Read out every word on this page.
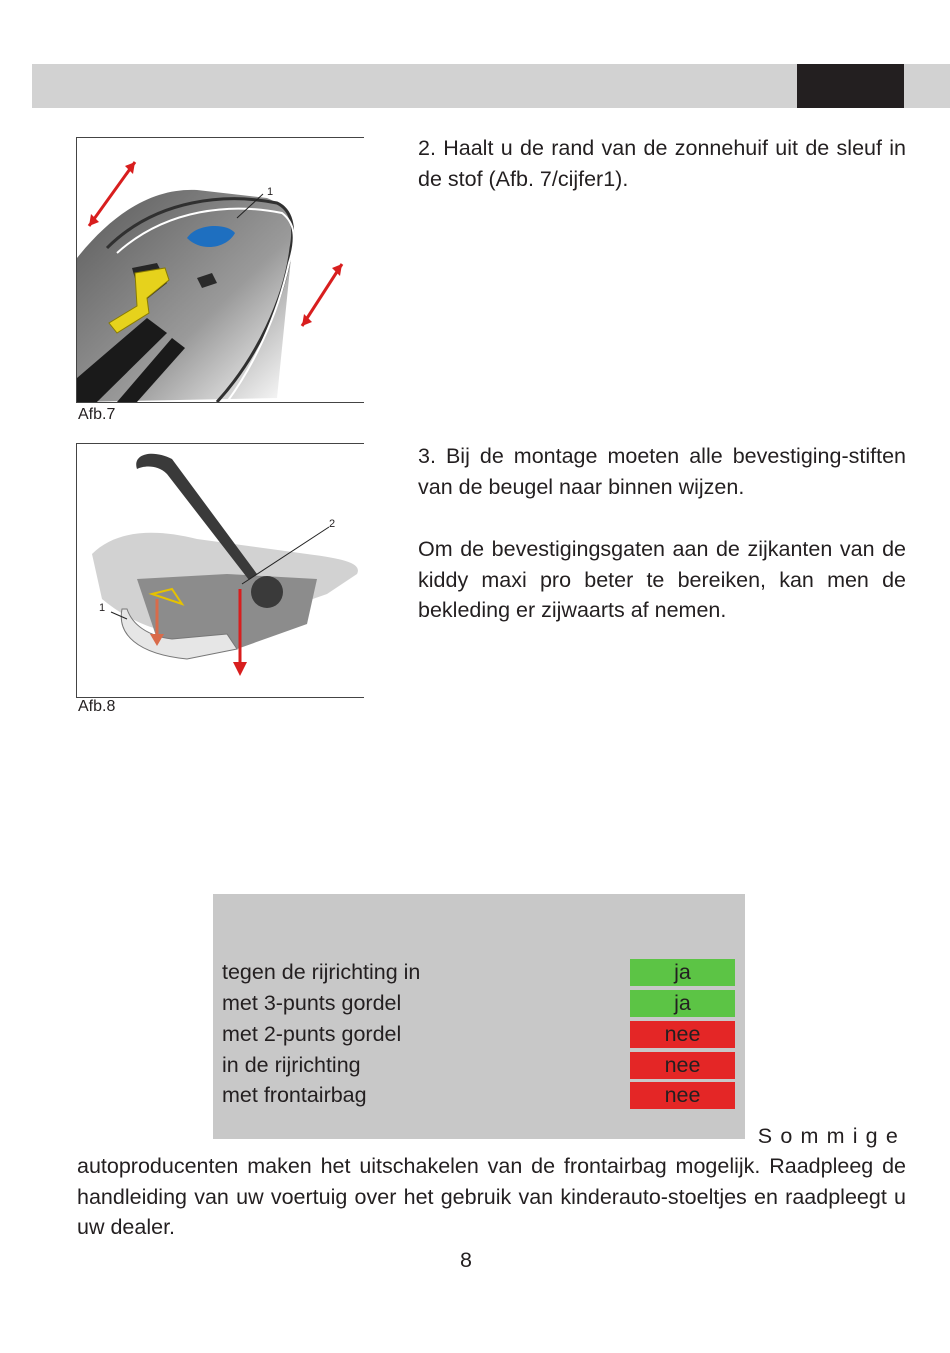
1
Afb.7

2. Haalt u de rand van de zonnehuif uit de sleuf in de stof (Afb. 7/cijfer1).

1
2
Afb.8

3. Bij de montage moeten alle bevestiging-stiften van de beugel naar binnen wijzen.

Om de bevestigingsgaten aan de zijkanten van de kiddy maxi pro beter te bereiken, kan men de bekleding er zijwaarts af nemen.

tegen de rijrichting in	ja
met 3-punts gordel	ja
met 2-punts gordel	nee
in de rijrichting	nee
met frontairbag	nee
Sommige

autoproducenten maken het uitschakelen van de frontairbag mogelijk. Raadpleeg de handleiding van uw voertuig over het gebruik van kinderauto-stoeltjes en raadpleegt u uw dealer.

8
